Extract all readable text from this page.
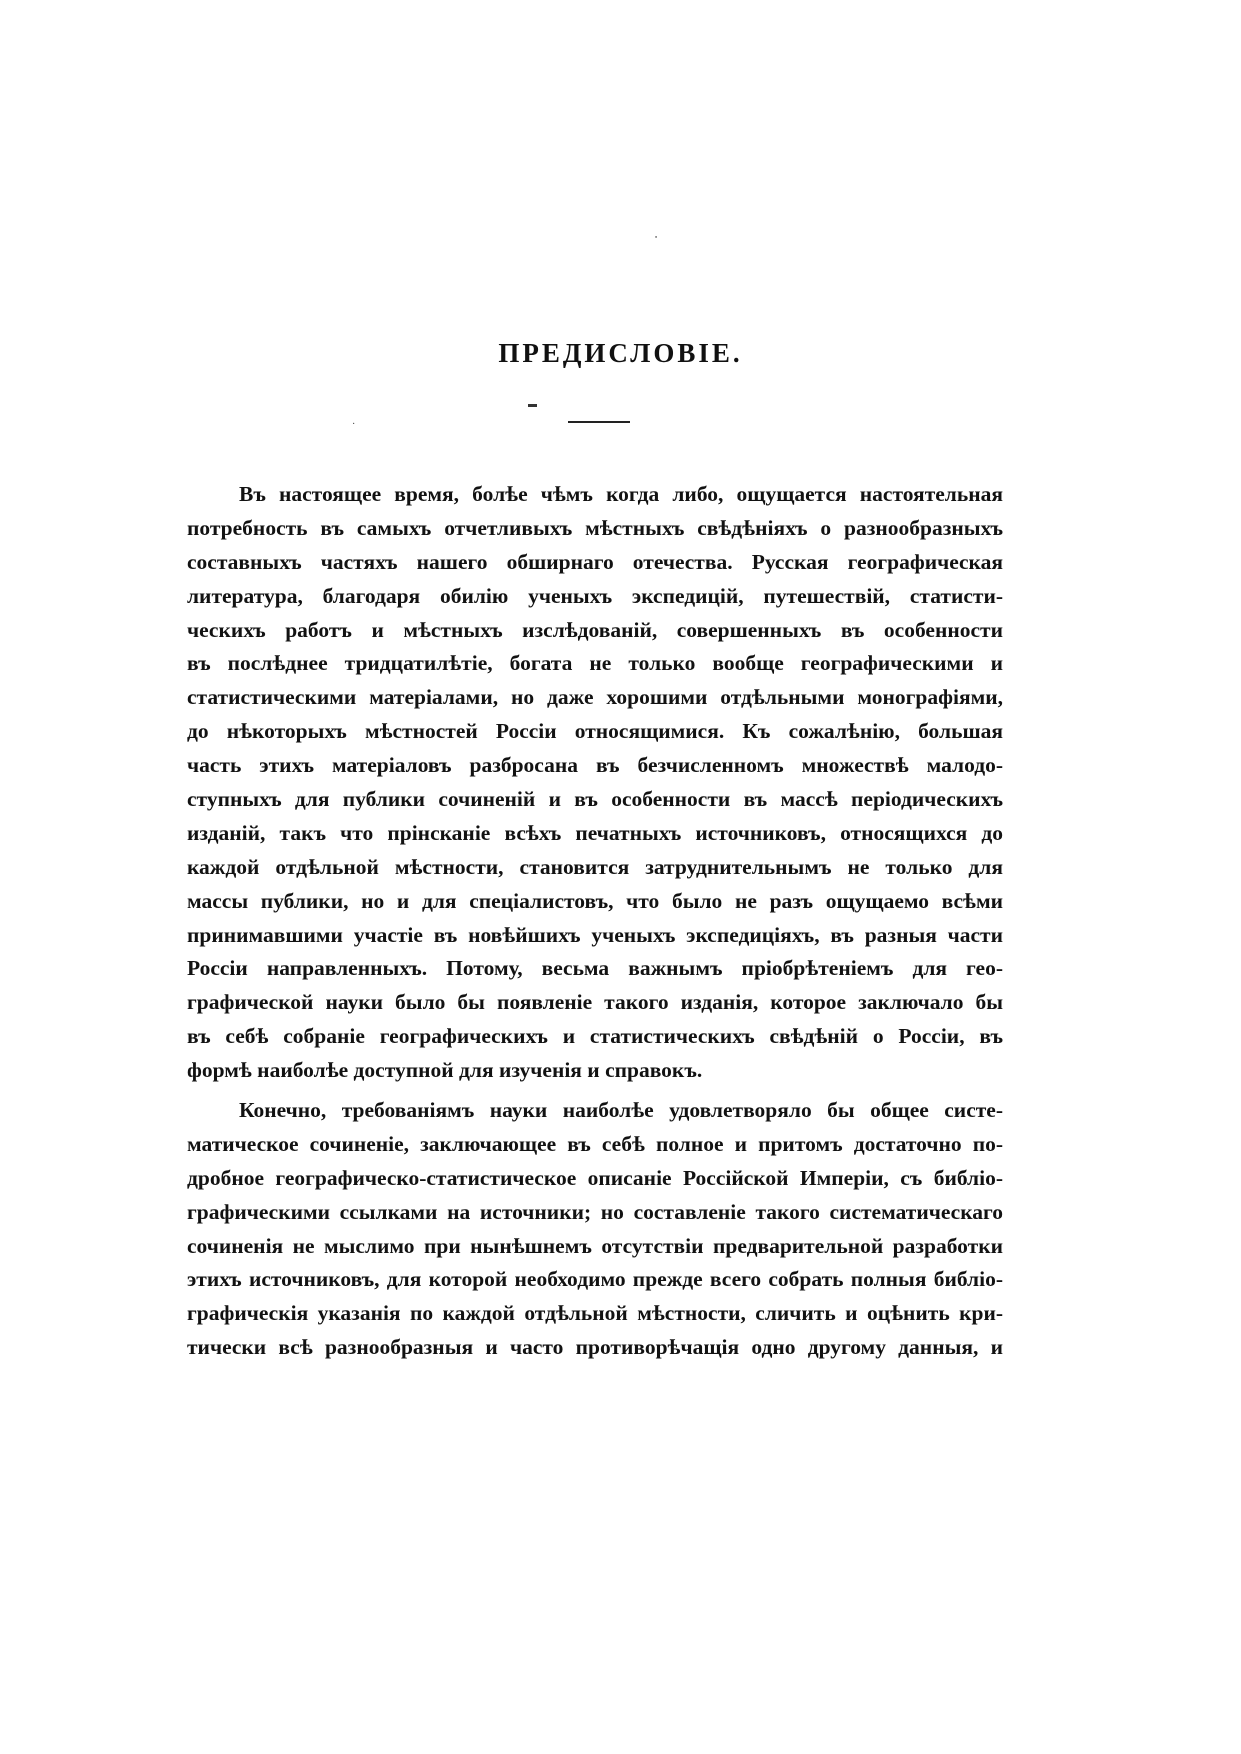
ᐧ
ПРЕДИСЛОВІЕ.
·
Въ настоящее время, болѣе чѣмъ когда либо, ощущается настоятельная
потребность въ самыхъ отчетливыхъ мѣстныхъ свѣдѣніяхъ о разнообразныхъ
составныхъ частяхъ нашего обширнаго отечества. Русская географическая
литература, благодаря обилію ученыхъ экспедицій, путешествій, статисти-
ческихъ работъ и мѣстныхъ изслѣдованій, совершенныхъ въ особенности
въ послѣднее тридцатилѣтіе, богата не только вообще географическими и
статистическими матеріалами, но даже хорошими отдѣльными монографіями,
до нѣкоторыхъ мѣстностей Россіи относящимися. Къ сожалѣнію, большая
часть этихъ матеріаловъ разбросана въ безчисленномъ множествѣ малодо-
ступныхъ для публики сочиненій и въ особенности въ массѣ періодическихъ
изданій, такъ что прінсканіе всѣхъ печатныхъ источниковъ, относящихся до
каждой отдѣльной мѣстности, становится затруднительнымъ не только для
массы публики, но и для спеціалистовъ, что было не разъ ощущаемо всѣми
принимавшими участіе въ новѣйшихъ ученыхъ экспедиціяхъ, въ разныя части
Россіи направленныхъ. Потому, весьма важнымъ пріобрѣтеніемъ для гео-
графической науки было бы появленіе такого изданія, которое заключало бы
въ себѣ собраніе географическихъ и статистическихъ свѣдѣній о Россіи, въ
формѣ наиболѣе доступной для изученія и справокъ.
Конечно, требованіямъ науки наиболѣе удовлетворяло бы общее систе-
матическое сочиненіе, заключающее въ себѣ полное и притомъ достаточно по-
дробное географическо-статистическое описаніе Россійской Имперіи, съ библіо-
графическими ссылками на источники; но составленіе такого систематическаго
сочиненія не мыслимо при нынѣшнемъ отсутствіи предварительной разработки
этихъ источниковъ, для которой необходимо прежде всего собрать полныя библіо-
графическія указанія по каждой отдѣльной мѣстности, сличить и оцѣнить кри-
тически всѣ разнообразныя и часто противорѣчащія одно другому данныя, и
